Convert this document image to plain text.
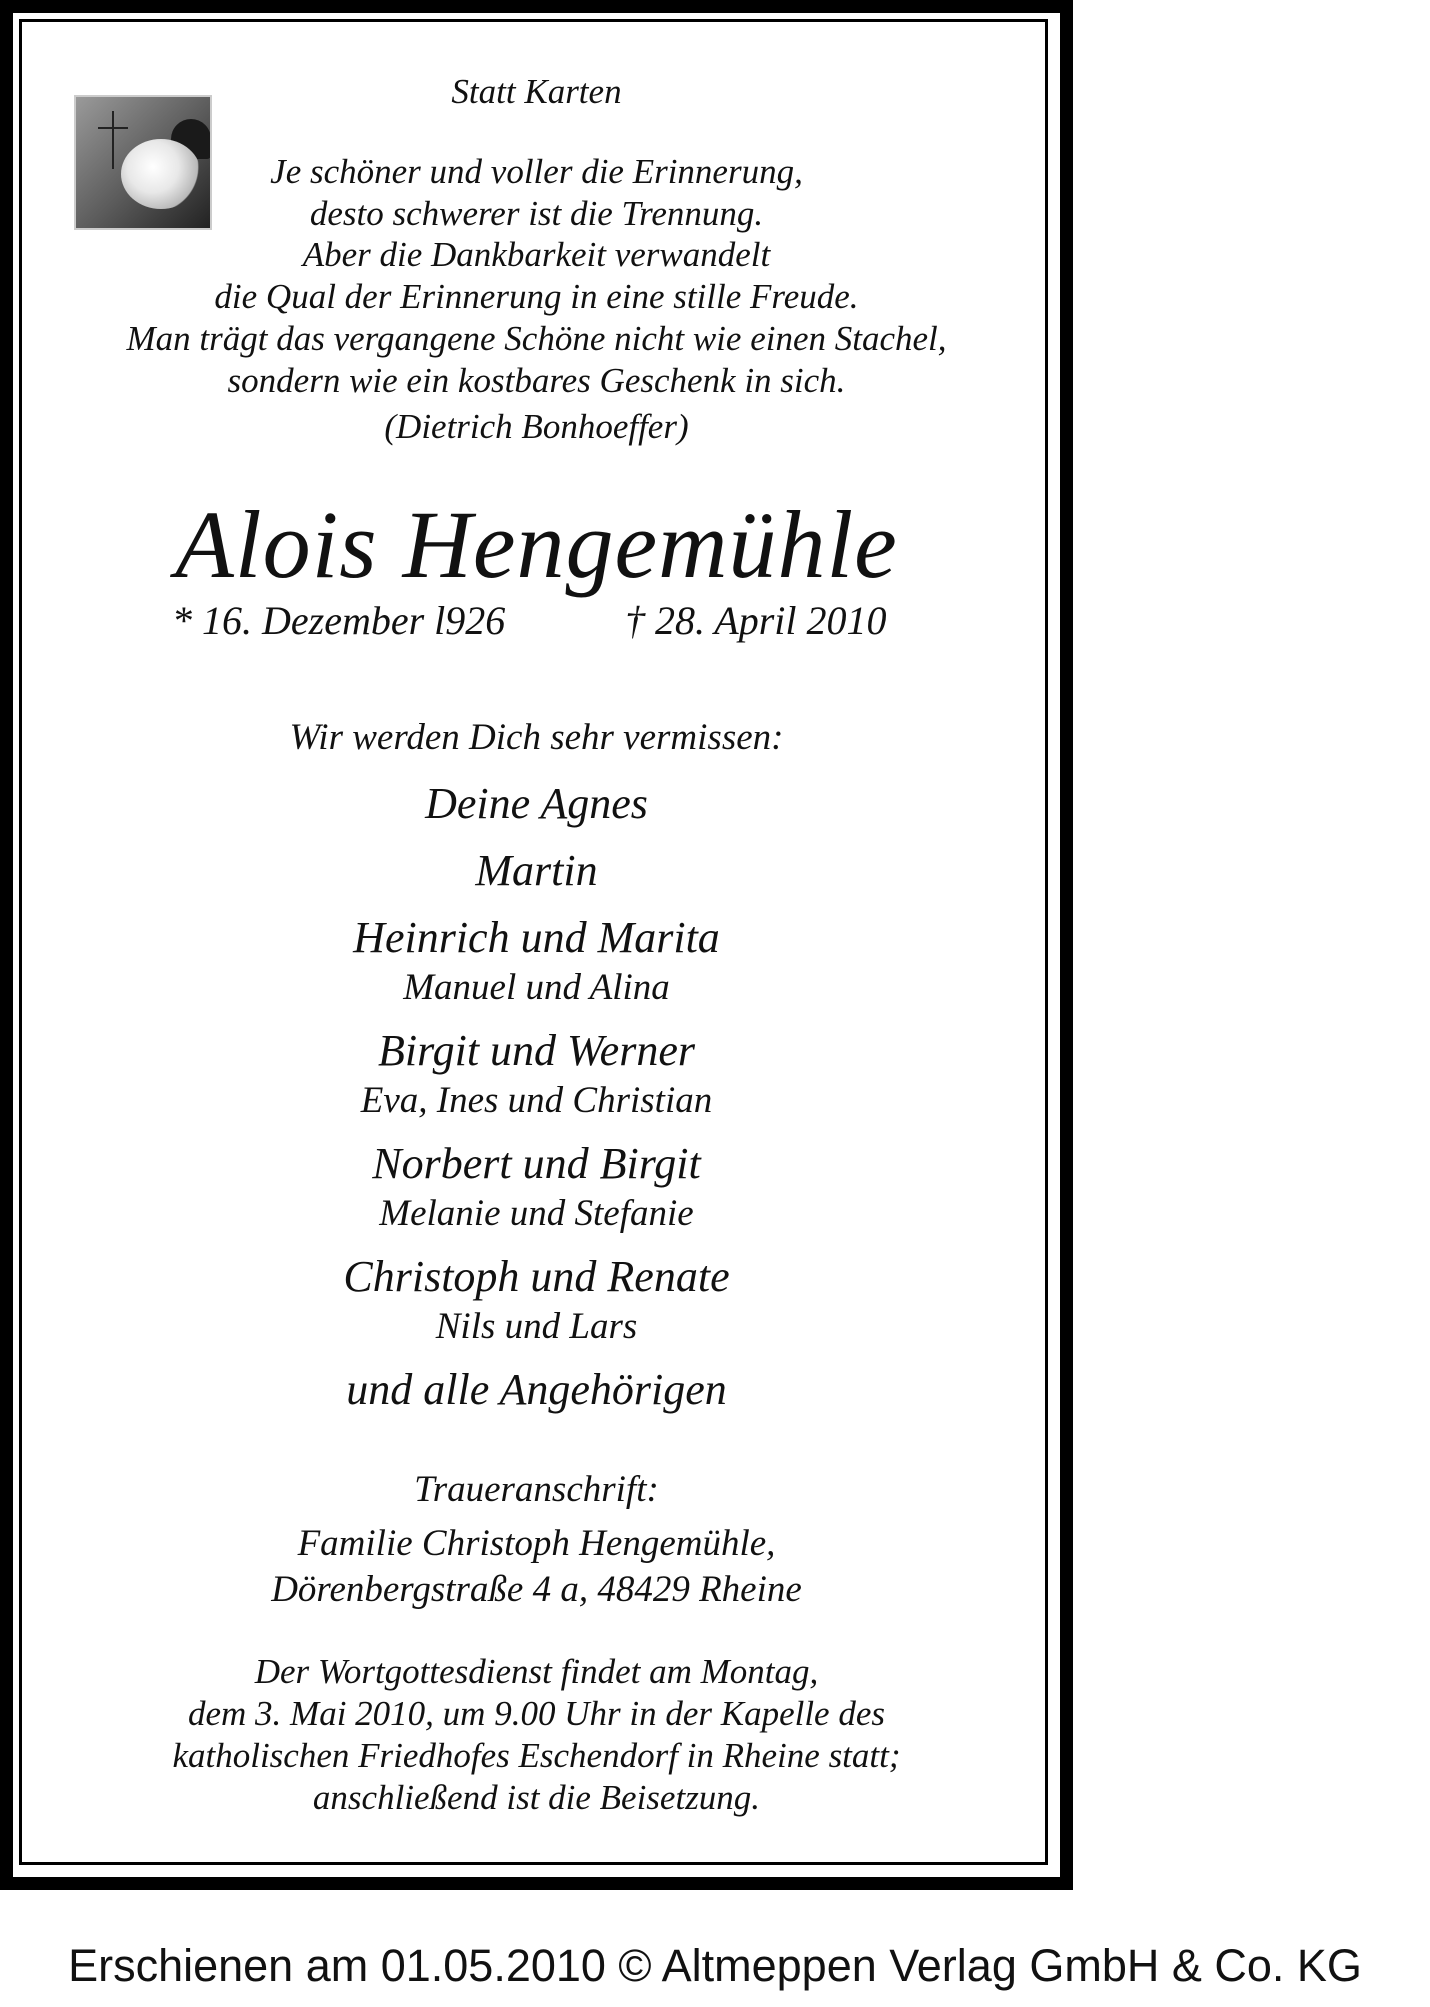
Statt Karten
Je schöner und voller die Erinnerung,
desto schwerer ist die Trennung.
Aber die Dankbarkeit verwandelt
die Qual der Erinnerung in eine stille Freude.
Man trägt das vergangene Schöne nicht wie einen Stachel,
sondern wie ein kostbares Geschenk in sich.
(Dietrich Bonhoeffer)
Alois Hengemühle
* 16. Dezember l926	† 28. April 2010
Wir werden Dich sehr vermissen:
Deine Agnes
Martin
Heinrich und Marita
Manuel und Alina
Birgit und Werner
Eva, Ines und Christian
Norbert und Birgit
Melanie und Stefanie
Christoph und Renate
Nils und Lars
und alle Angehörigen
Traueranschrift:
Familie Christoph Hengemühle,
Dörenbergstraße 4 a, 48429 Rheine
Der Wortgottesdienst findet am Montag,
dem 3. Mai 2010, um 9.00 Uhr in der Kapelle des
katholischen Friedhofes Eschendorf in Rheine statt;
anschließend ist die Beisetzung.
Erschienen am 01.05.2010 © Altmeppen Verlag GmbH & Co. KG
